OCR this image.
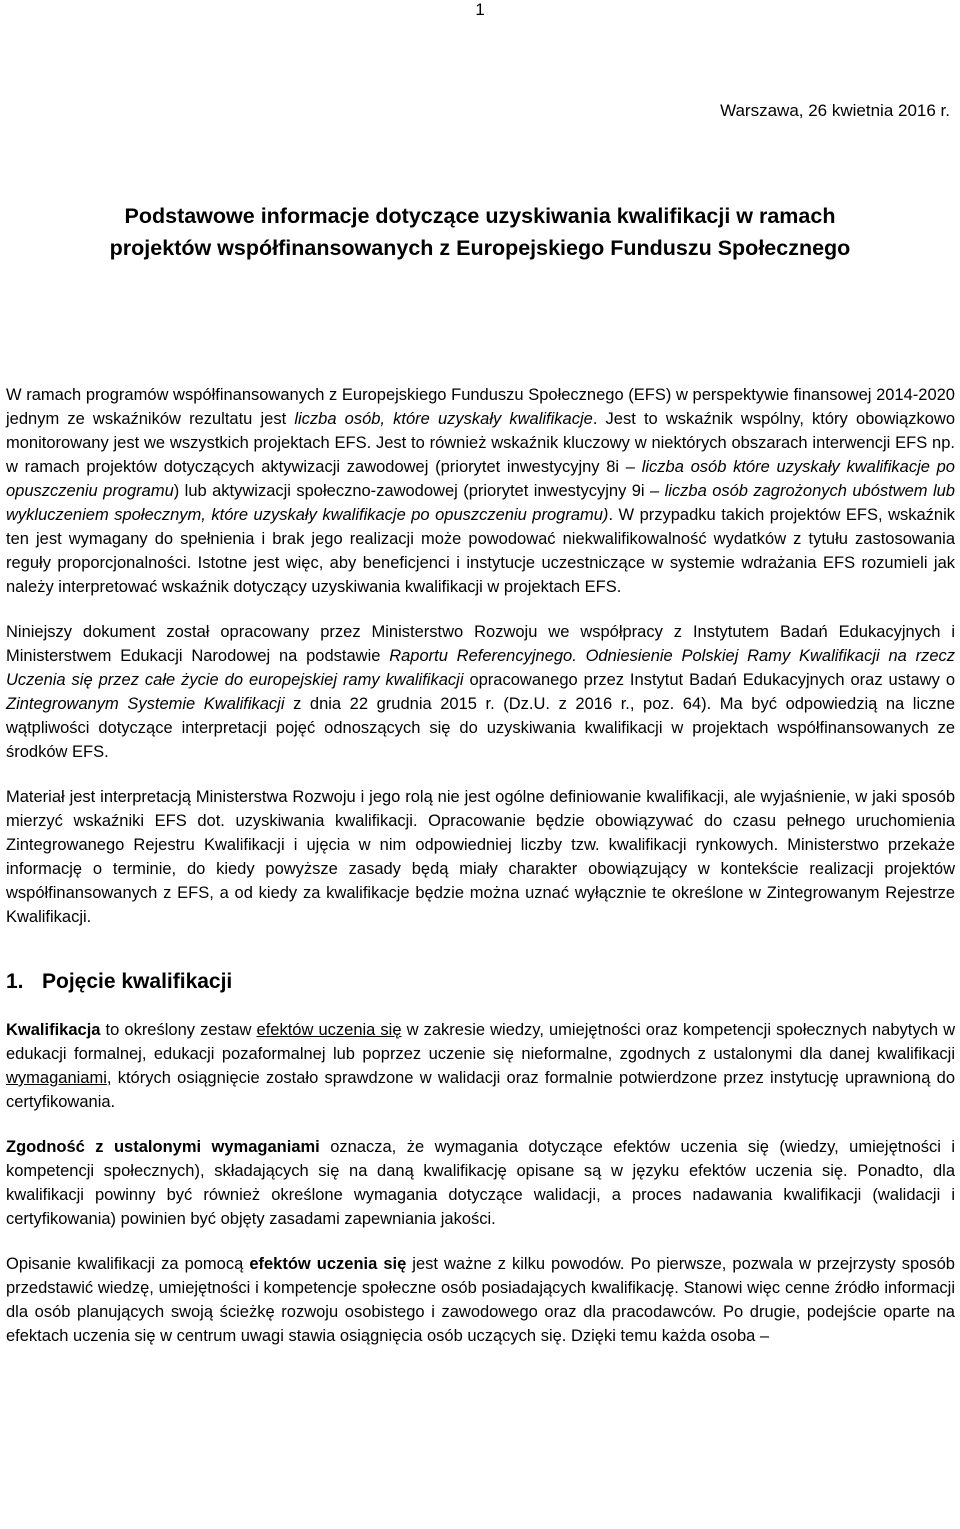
1
Warszawa, 26 kwietnia 2016 r.
Podstawowe informacje dotyczące uzyskiwania kwalifikacji w ramach
projektów współfinansowanych z Europejskiego Funduszu Społecznego

W ramach programów współfinansowanych z Europejskiego Funduszu Społecznego (EFS) w perspektywie finansowej 2014-2020 jednym ze wskaźników rezultatu jest liczba osób, które uzyskały kwalifikacje. Jest to wskaźnik wspólny, który obowiązkowo monitorowany jest we wszystkich projektach EFS. Jest to również wskaźnik kluczowy w niektórych obszarach interwencji EFS np. w ramach projektów dotyczących aktywizacji zawodowej (priorytet inwestycyjny 8i – liczba osób które uzyskały kwalifikacje po opuszczeniu programu) lub aktywizacji społeczno-zawodowej (priorytet inwestycyjny 9i – liczba osób zagrożonych ubóstwem lub wykluczeniem społecznym, które uzyskały kwalifikacje po opuszczeniu programu). W przypadku takich projektów EFS, wskaźnik ten jest wymagany do spełnienia i brak jego realizacji może powodować niekwalifikowalność wydatków z tytułu zastosowania reguły proporcjonalności. Istotne jest więc, aby beneficjenci i instytucje uczestniczące w systemie wdrażania EFS rozumieli jak należy interpretować wskaźnik dotyczący uzyskiwania kwalifikacji w projektach EFS.

Niniejszy dokument został opracowany przez Ministerstwo Rozwoju we współpracy z Instytutem Badań Edukacyjnych i Ministerstwem Edukacji Narodowej na podstawie Raportu Referencyjnego. Odniesienie Polskiej Ramy Kwalifikacji na rzecz Uczenia się przez całe życie do europejskiej ramy kwalifikacji opracowanego przez Instytut Badań Edukacyjnych oraz ustawy o Zintegrowanym Systemie Kwalifikacji z dnia 22 grudnia 2015 r. (Dz.U. z 2016 r., poz. 64). Ma być odpowiedzią na liczne wątpliwości dotyczące interpretacji pojęć odnoszących się do uzyskiwania kwalifikacji w projektach współfinansowanych ze środków EFS.

Materiał jest interpretacją Ministerstwa Rozwoju i jego rolą nie jest ogólne definiowanie kwalifikacji, ale wyjaśnienie, w jaki sposób mierzyć wskaźniki EFS dot. uzyskiwania kwalifikacji. Opracowanie będzie obowiązywać do czasu pełnego uruchomienia Zintegrowanego Rejestru Kwalifikacji i ujęcia w nim odpowiedniej liczby tzw. kwalifikacji rynkowych. Ministerstwo przekaże informację o terminie, do kiedy powyższe zasady będą miały charakter obowiązujący w kontekście realizacji projektów współfinansowanych z EFS, a od kiedy za kwalifikacje będzie można uznać wyłącznie te określone w Zintegrowanym Rejestrze Kwalifikacji.

1. Pojęcie kwalifikacji

Kwalifikacja to określony zestaw efektów uczenia się w zakresie wiedzy, umiejętności oraz kompetencji społecznych nabytych w edukacji formalnej, edukacji pozaformalnej lub poprzez uczenie się nieformalne, zgodnych z ustalonymi dla danej kwalifikacji wymaganiami, których osiągnięcie zostało sprawdzone w walidacji oraz formalnie potwierdzone przez instytucję uprawnioną do certyfikowania.

Zgodność z ustalonymi wymaganiami oznacza, że wymagania dotyczące efektów uczenia się (wiedzy, umiejętności i kompetencji społecznych), składających się na daną kwalifikację opisane są w języku efektów uczenia się. Ponadto, dla kwalifikacji powinny być również określone wymagania dotyczące walidacji, a proces nadawania kwalifikacji (walidacji i certyfikowania) powinien być objęty zasadami zapewniania jakości.

Opisanie kwalifikacji za pomocą efektów uczenia się jest ważne z kilku powodów. Po pierwsze, pozwala w przejrzysty sposób przedstawić wiedzę, umiejętności i kompetencje społeczne osób posiadających kwalifikację. Stanowi więc cenne źródło informacji dla osób planujących swoją ścieżkę rozwoju osobistego i zawodowego oraz dla pracodawców. Po drugie, podejście oparte na efektach uczenia się w centrum uwagi stawia osiągnięcia osób uczących się. Dzięki temu każda osoba –
